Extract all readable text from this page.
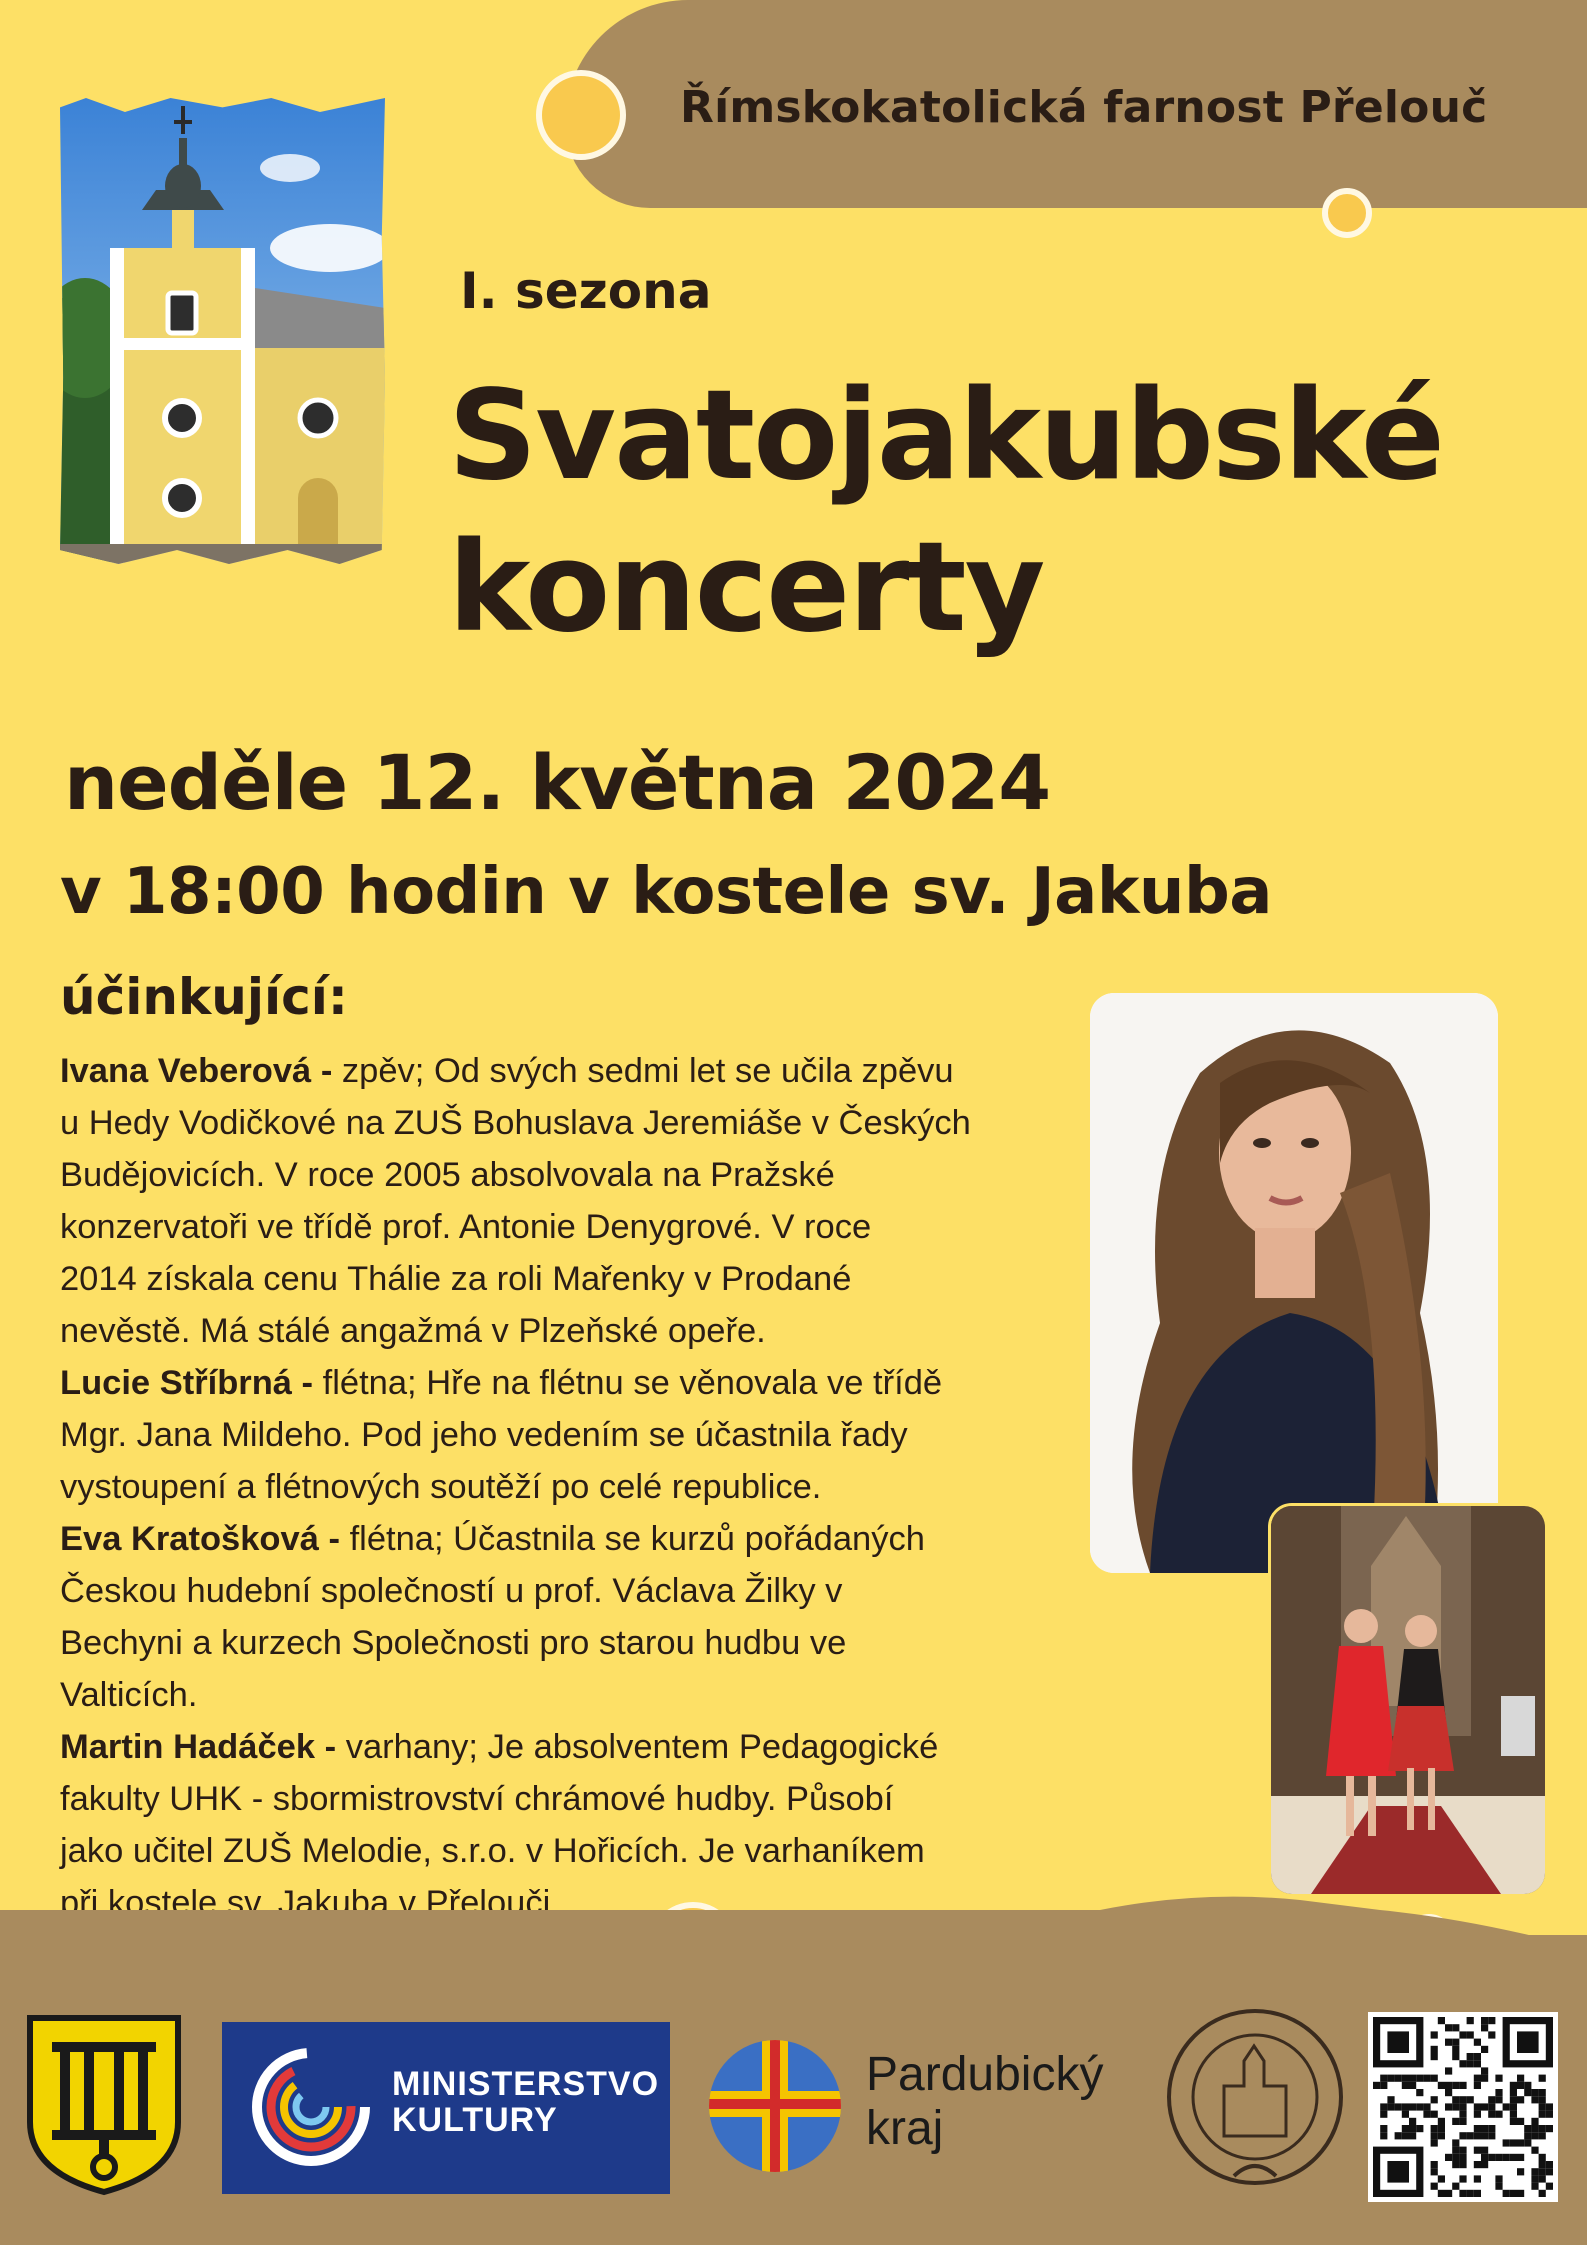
Římskokatolická farnost Přelouč
I. sezona
Svatojakubské
koncerty
neděle 12. května 2024
v 18:00 hodin v kostele sv. Jakuba
účinkující:
Ivana Veberová - zpěv; Od svých sedmi let se učila zpěvu
u Hedy Vodičkové na ZUŠ Bohuslava Jeremiáše v Českých
Budějovicích. V roce 2005 absolvovala na Pražské
konzervatoři ve třídě prof. Antonie Denygrové. V roce
2014 získala cenu Thálie za roli Mařenky v Prodané
nevěstě. Má stálé angažmá v Plzeňské opeře.
Lucie Stříbrná - flétna; Hře na flétnu se věnovala ve třídě
Mgr. Jana Mildeho. Pod jeho vedením se účastnila řady
vystoupení a flétnových soutěží po celé republice.
Eva Kratošková - flétna; Účastnila se kurzů pořádaných
Českou hudební společností u prof. Václava Žilky v
Bechyni a kurzech Společnosti pro starou hudbu ve
Valticích.
Martin Hadáček - varhany; Je absolventem Pedagogické
fakulty UHK - sbormistrovství chrámové hudby. Působí
jako učitel ZUŠ Melodie, s.r.o. v Hořicích. Je varhaníkem
při kostele sv. Jakuba v Přelouči.
MINISTERSTVO
KULTURY
Pardubický
kraj
